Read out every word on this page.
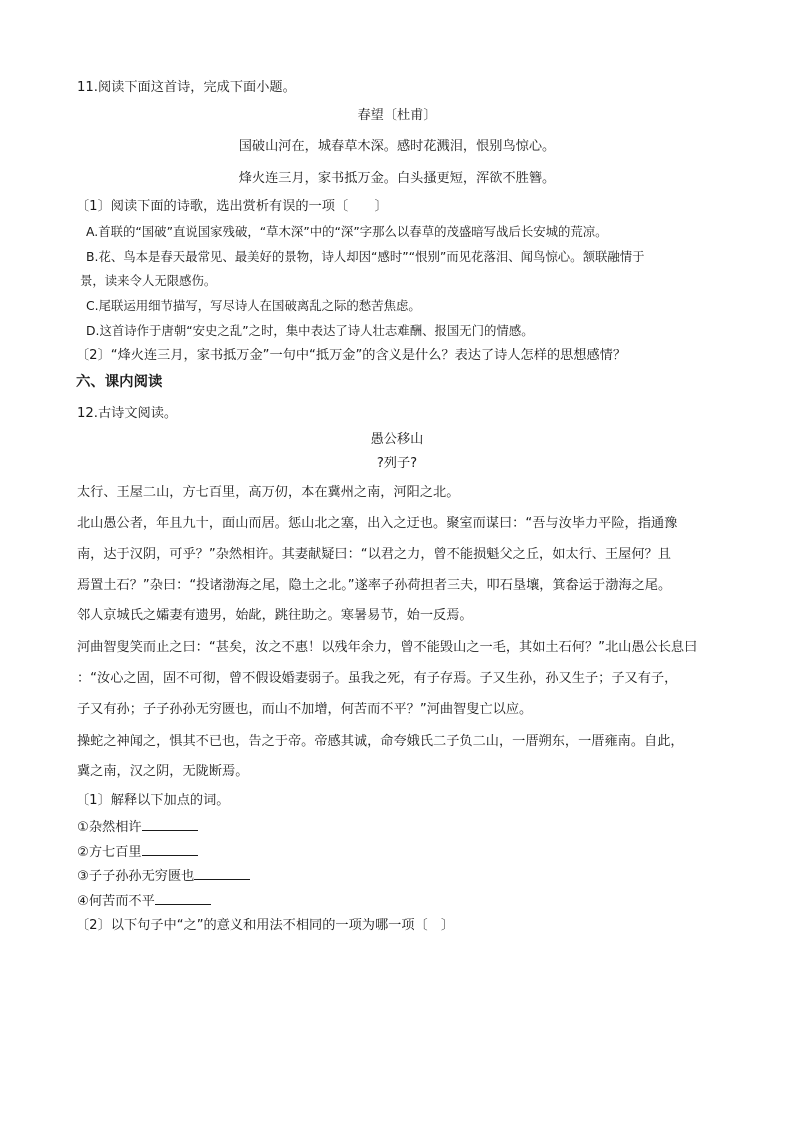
11.阅读下面这首诗，完成下面小题。
春望〔杜甫〕
国破山河在，城春草木深。感时花溅泪，恨别鸟惊心。
烽火连三月，家书抵万金。白头搔更短，浑欲不胜簪。
〔1〕阅读下面的诗歌，选出赏析有误的一项〔　　〕
A.首联的“国破”直说国家残破，“草木深”中的“深”字那么以春草的茂盛暗写战后长安城的荒凉。
B.花、鸟本是春天最常见、最美好的景物，诗人却因“感时”“恨别”而见花落泪、闻鸟惊心。颔联融情于
景，读来令人无限感伤。
C.尾联运用细节描写，写尽诗人在国破离乱之际的愁苦焦虑。
D.这首诗作于唐朝“安史之乱”之时，集中表达了诗人壮志难酬、报国无门的情感。
〔2〕“烽火连三月，家书抵万金”一句中“抵万金”的含义是什么？表达了诗人怎样的思想感情？
六、课内阅读
12.古诗文阅读。
愚公移山
?列子?
太行、王屋二山，方七百里，高万仞，本在冀州之南，河阳之北。
北山愚公者，年且九十，面山而居。惩山北之塞，出入之迂也。聚室而谋曰：“吾与汝毕力平险，指通豫
南，达于汉阴，可乎？”杂然相许。其妻献疑曰：“以君之力，曾不能损魁父之丘，如太行、王屋何？且
焉置土石？”杂曰：“投诸渤海之尾，隐土之北。”遂率子孙荷担者三夫，叩石垦壤，箕畚运于渤海之尾。
邻人京城氏之孀妻有遗男，始龀，跳往助之。寒暑易节，始一反焉。
河曲智叟笑而止之曰：“甚矣，汝之不惠！以残年余力，曾不能毁山之一毛，其如土石何？”北山愚公长息曰
：“汝心之固，固不可彻，曾不假设婚妻弱子。虽我之死，有子存焉。子又生孙，孙又生子；子又有子，
子又有孙；子子孙孙无穷匮也，而山不加增，何苦而不平？”河曲智叟亡以应。
操蛇之神闻之，惧其不已也，告之于帝。帝感其诚，命夸娥氏二子负二山，一厝朔东，一厝雍南。自此，
冀之南，汉之阴，无陇断焉。
〔1〕解释以下加点的词。
①杂然相许
②方七百里
③子子孙孙无穷匮也
④何苦而不平
〔2〕以下句子中“之”的意义和用法不相同的一项为哪一项〔　〕
